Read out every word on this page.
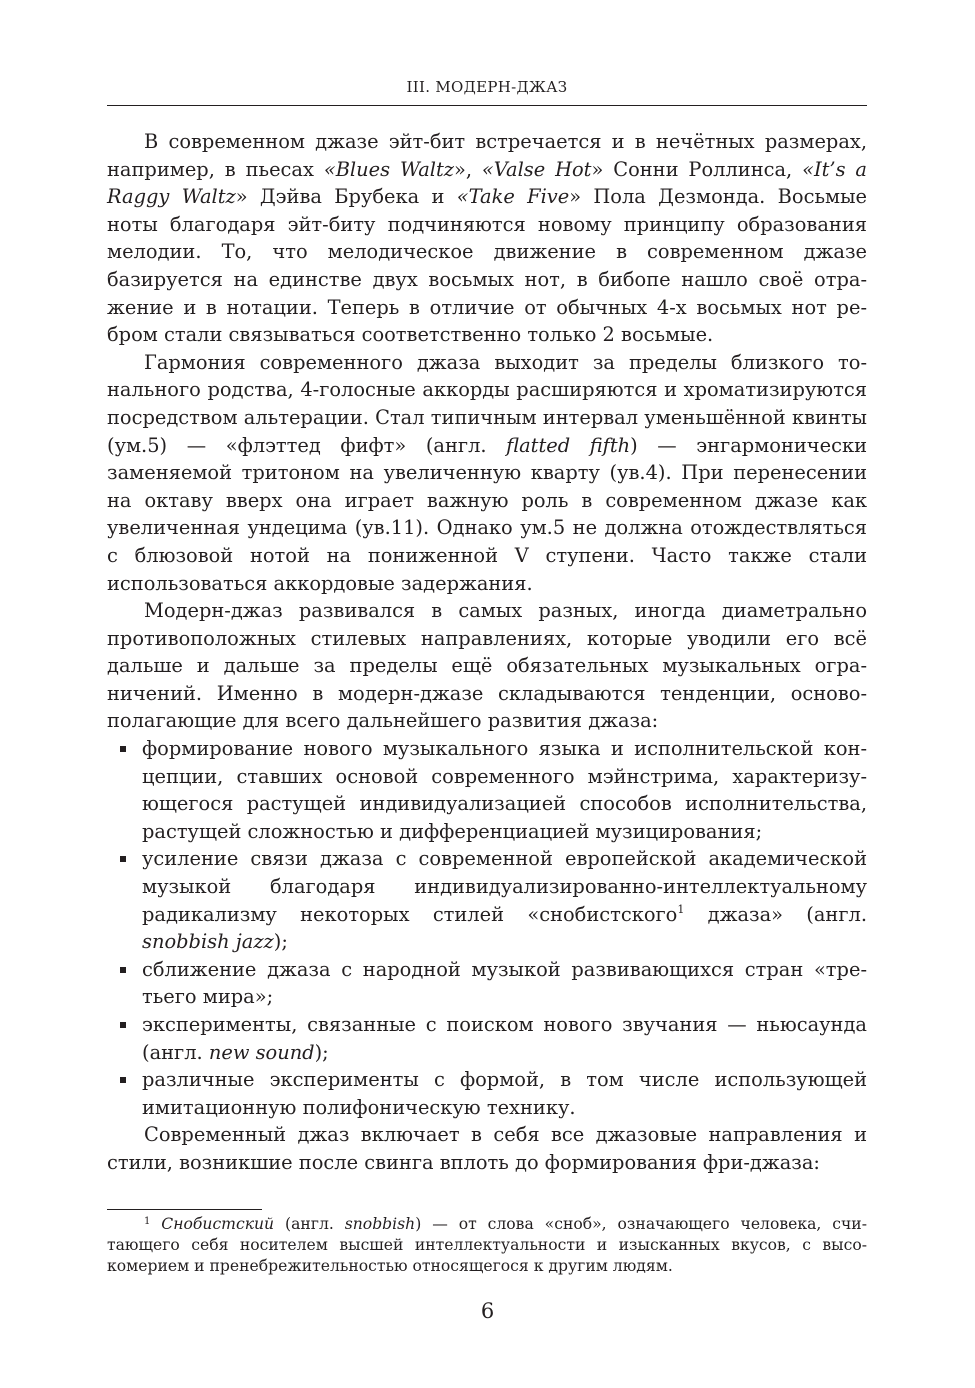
III. МОДЕРН-ДЖАЗ

В современном джазе эйт-бит встречается и в нечётных размерах, например, в пьесах «Blues Waltz», «Valse Hot» Сонни Роллинса, «It’s a Raggy Waltz» Дэйва Брубека и «Take Five» Пола Дезмонда. Восьмые ноты благодаря эйт-биту подчиняются новому принципу образования мелодии. То, что мелодическое движение в современном джазе базируется на единстве двух восьмых нот, в бибопе нашло своё отражение и в нотации. Теперь в отличие от обычных 4-х восьмых нот ребром стали связываться соответственно только 2 восьмые.

Гармония современного джаза выходит за пределы близкого тонального родства, 4-голосные аккорды расширяются и хроматизируются посредством альтерации. Стал типичным интервал уменьшённой квинты (ум.5) — «флэттед фифт» (англ. flatted fifth) — энгармонически заменяемой тритоном на увеличенную кварту (ув.4). При перенесении на октаву вверх она играет важную роль в современном джазе как увеличенная ундецима (ув.11). Однако ум.5 не должна отождествляться с блюзовой нотой на пониженной V ступени. Часто также стали использоваться аккордовые задержания.

Модерн-джаз развивался в самых разных, иногда диаметрально противоположных стилевых направлениях, которые уводили его всё дальше и дальше за пределы ещё обязательных музыкальных ограничений. Именно в модерн-джазе складываются тенденции, основополагающие для всего дальнейшего развития джаза:

формирование нового музыкального языка и исполнительской концепции, ставших основой современного мэйнстрима, характеризующегося растущей индивидуализацией способов исполнительства, растущей сложностью и дифференциацией музицирования;
усиление связи джаза с современной европейской академической музыкой благодаря индивидуализированно-интеллектуальному радикализму некоторых стилей «снобистского$^1$ джаза» (англ. snobbish jazz);
сближение джаза с народной музыкой развивающихся стран «третьего мира»;
эксперименты, связанные с поиском нового звучания — ньюсаунда (англ. new sound);
различные эксперименты с формой, в том числе использующей имитационную полифоническую технику.

Современный джаз включает в себя все джазовые направления и стили, возникшие после свинга вплоть до формирования фри-джаза:

$^1$ Снобистский (англ. snobbish) — от слова «сноб», означающего человека, считающего себя носителем высшей интеллектуальности и изысканных вкусов, с высокомерием и пренебрежительностью относящегося к другим людям.

6
